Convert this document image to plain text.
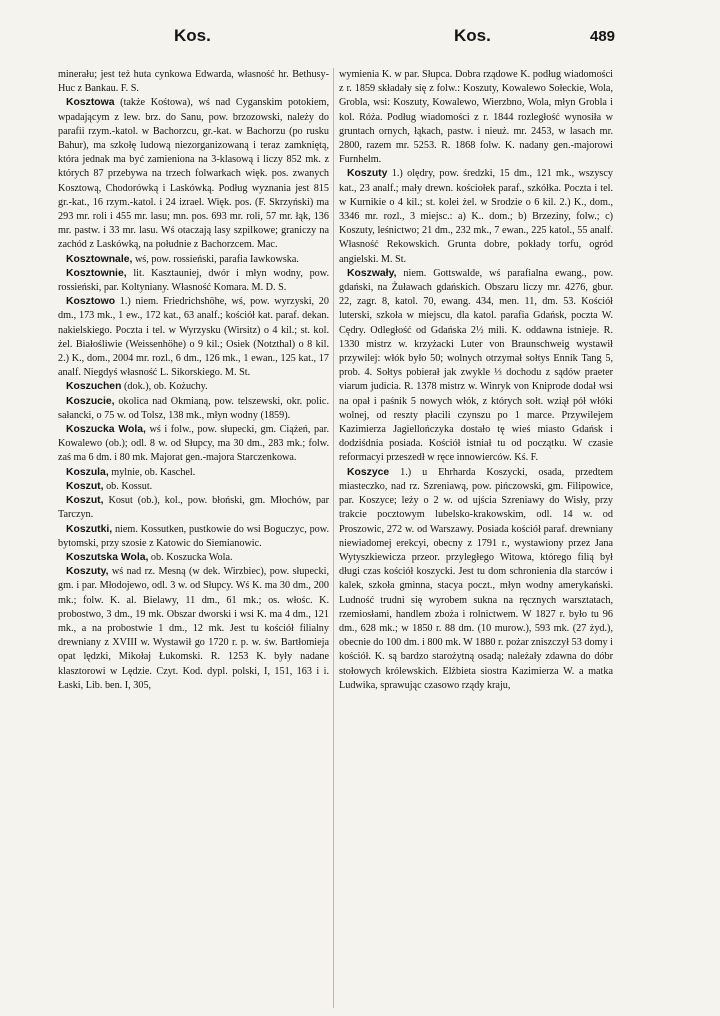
Kos.	Kos.	489

minerału; jest też huta cynkowa Edwarda, własność hr. Bethusy-Huc z Bankau. F. S.

Kosztowa (także Kośtowa), wś nad Cyganskim potokiem, wpadającym z lew. brz. do Sanu, pow. brzozowski, należy do parafii rzym.-katol. w Bachorzcu, gr.-kat. w Bachorzu (po rusku Bahur), ma szkołę ludową niezorganizowaną i teraz zamkniętą, która jednak ma być zamieniona na 3-klasową i liczy 852 mk. z których 87 przebywa na trzech folwarkach więk. pos. zwanych Kosztową, Chodorówką i Laskówką. Podług wyznania jest 815 gr.-kat., 16 rzym.-katol. i 24 izrael. Więk. pos. (F. Skrzyński) ma 293 mr. roli i 455 mr. lasu; mn. pos. 693 mr. roli, 57 mr. łąk, 136 mr. pastw. i 33 mr. lasu. Wś otaczają lasy szpilkowe; graniczy na zachód z Laskówką, na południe z Bachorzcem. Mac.

Kosztownale, wś, pow. rossieński, parafia Iawkowska.

Kosztownie, lit. Kasztauniej, dwór i młyn wodny, pow. rossieński, par. Koltyniany. Własność Komara. M. D. S.

Kosztowo 1.) niem. Friedrichshöhe, wś, pow. wyrzyski, 20 dm., 173 mk., 1 ew., 172 kat., 63 analf.; kościół kat. paraf. dekan. nakielskiego. Poczta i tel. w Wyrzysku (Wirsitz) o 4 kil.; st. kol. żel. Białośliwie (Weissenhöhe) o 9 kil.; Osiek (Notzthal) o 8 kil. 2.) K., dom., 2004 mr. rozl., 6 dm., 126 mk., 1 ewan., 125 kat., 17 analf. Niegdyś własność L. Sikorskiego. M. St.

Koszuchen (dok.), ob. Kożuchy.

Koszucie, okolica nad Okmianą, pow. telszewski, okr. polic. sałancki, o 75 w. od Tolsz, 138 mk., młyn wodny (1859).

Koszucka Wola, wś i folw., pow. słupecki, gm. Ciążeń, par. Kowalewo (ob.); odl. 8 w. od Słupcy, ma 30 dm., 283 mk.; folw. zaś ma 6 dm. i 80 mk. Majorat gen.-majora Starczenkowa.

Koszula, mylnie, ob. Kaschel.

Koszut, ob. Kossut.

Koszut, Kosut (ob.), kol., pow. błoński, gm. Młochów, par Tarczyn.

Koszutki, niem. Kossutken, pustkowie do wsi Boguczyc, pow. bytomski, przy szosie z Katowic do Siemianowic.

Koszutska Wola, ob. Koszucka Wola.

Koszuty, wś nad rz. Mesną (w dek. Wirzbiec), pow. słupecki, gm. i par. Młodojewo, odl. 3 w. od Słupcy. Wś K. ma 30 dm., 200 mk.; folw. K. al. Bielawy, 11 dm., 61 mk.; os. włośc. K. probostwo, 3 dm., 19 mk. Obszar dworski i wsi K. ma 4 dm., 121 mk., a na probostwie 1 dm., 12 mk. Jest tu kościół filialny drewniany z XVIII w. Wystawił go 1720 r. p. w. św. Bartłomieja opat lędzki, Mikołaj Łukomski. R. 1253 K. były nadane klasztorowi w Lędzie. Czyt. Kod. dypl. polski, I, 151, 163 i i. Łaski, Lib. ben. I, 305,

wymienia K. w par. Słupca. Dobra rządowe K. podług wiadomości z r. 1859 składały się z folw.: Koszuty, Kowalewo Sołeckie, Wola, Grobla, wsi: Koszuty, Kowalewo, Wierzbno, Wola, młyn Grobla i kol. Róża. Podług wiadomości z r. 1844 rozległość wynosiła w gruntach ornych, łąkach, pastw. i nieuż. mr. 2453, w lasach mr. 2800, razem mr. 5253. R. 1868 folw. K. nadany gen.-majorowi Furnhelm.

Koszuty 1.) olędry, pow. średzki, 15 dm., 121 mk., wszyscy kat., 23 analf.; mały drewn. kościołek paraf., szkółka. Poczta i tel. w Kurnikie o 4 kil.; st. kolei żel. w Srodzie o 6 kil. 2.) K., dom., 3346 mr. rozl., 3 miejsc.: a) K.. dom.; b) Brzeziny, folw.; c) Koszuty, leśnictwo; 21 dm., 232 mk., 7 ewan., 225 katol., 55 analf. Własność Rekowskich. Grunta dobre, pokłady torfu, ogród angielski. M. St.

Koszwały, niem. Gottswalde, wś parafialna ewang., pow. gdański, na Żuławach gdańskich. Obszaru liczy mr. 4276, gbur. 22, zagr. 8, katol. 70, ewang. 434, men. 11, dm. 53. Kościół luterski, szkoła w miejscu, dla katol. parafia Gdańsk, poczta W. Cędry. Odległość od Gdańska 2½ mili. K. oddawna istnieje. R. 1330 mistrz w. krzyżacki Luter von Braunschweig wystawił przywilej: włók było 50; wolnych otrzymał sołtys Ennik Tang 5, prob. 4. Sołtys pobierał jak zwykle ⅓ dochodu z sądów praeter viarum judicia. R. 1378 mistrz w. Winryk von Kniprode dodał wsi na opał i paśnik 5 nowych włók, z których sołt. wziął pół włóki wolnej, od reszty płacili czynszu po 1 marce. Przywilejem Kazimierza Jagiellończyka dostało tę wieś miasto Gdańsk i dodziśdnia posiada. Kościół istniał tu od początku. W czasie reformacyi przeszedł w ręce innowierców. Kś. F.

Koszyce 1.) u Ehrharda Koszycki, osada, przedtem miasteczko, nad rz. Szreniawą, pow. pińczowski, gm. Filipowice, par. Koszyce; leży o 2 w. od ujścia Szreniawy do Wisły, przy trakcie pocztowym lubelsko-krakowskim, odl. 14 w. od Proszowic, 272 w. od Warszawy. Posiada kościół paraf. drewniany niewiadomej erekcyi, obecny z 1791 r., wystawiony przez Jana Wytyszkiewicza przeor. przyległego Witowa, którego filią był długi czas kościół koszycki. Jest tu dom schronienia dla starców i kalek, szkoła gminna, stacya poczt., młyn wodny amerykański. Ludność trudni się wyrobem sukna na ręcznych warsztatach, rzemiosłami, handlem zboża i rolnictwem. W 1827 r. było tu 96 dm., 628 mk.; w 1850 r. 88 dm. (10 murow.), 593 mk. (27 żyd.), obecnie do 100 dm. i 800 mk. W 1880 r. pożar zniszczył 53 domy i kościół. K. są bardzo starożytną osadą; należały zdawna do dóbr stołowych królewskich. Elżbieta siostra Kazimierza W. a matka Ludwika, sprawując czasowo rządy kraju,
